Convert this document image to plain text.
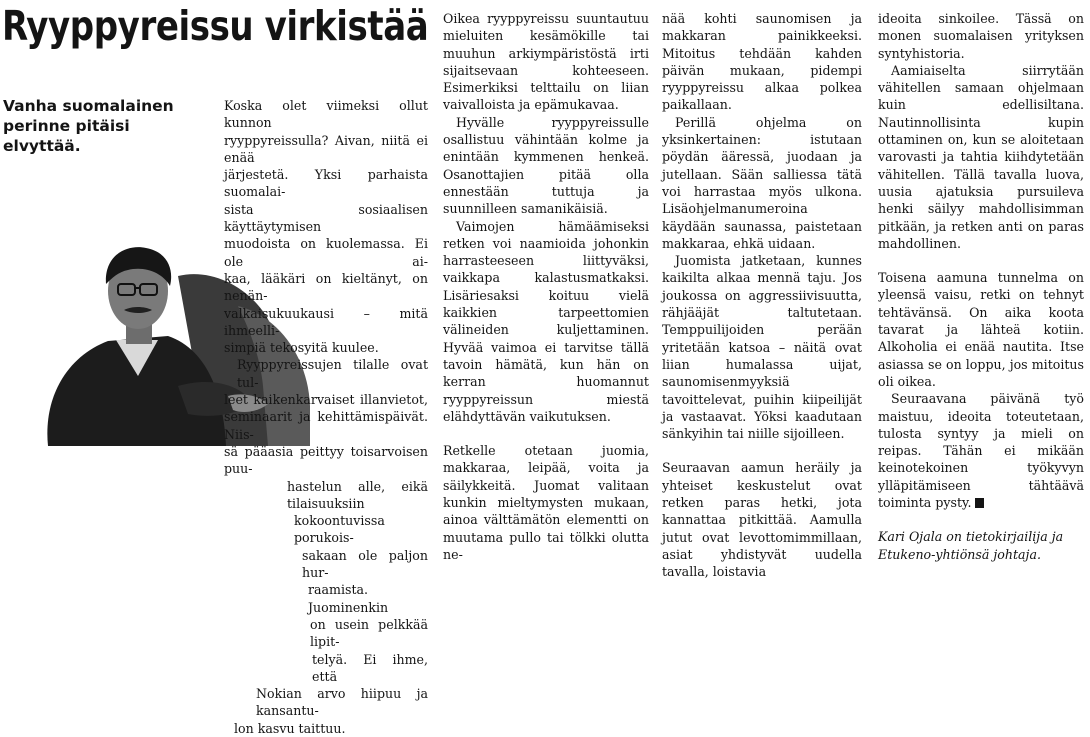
Ryyppyreissu virkistää
Vanha suomalainen perinne pitäisi elvyttää.
Koska olet viimeksi ollut kunnon
ryyppyreissulla? Aivan, niitä ei enää
järjestetä. Yksi parhaista suomalai-
sista sosiaalisen käyttäytymisen
muodoista on kuolemassa. Ei ole ai-
kaa, lääkäri on kieltänyt, on nenän-
valkaisukuukausi – mitä ihmeelli-
simpiä tekosyitä kuulee.
Ryyppyreissujen tilalle ovat tul-
leet kaikenkarvaiset illanvietot,
seminaarit ja kehittämispäivät. Niis-
sä pääasia peittyy toisarvoisen puu-
hastelun alle, eikä tilaisuuksiin
kokoontuvissa porukois-
sakaan ole paljon hur-
raamista. Juominenkin
on usein pelkkää lipit-
telyä. Ei ihme, että
Nokian arvo hiipuu ja kansantu-
lon kasvu taittuu.

Oikea ryyppyreissu suuntautuu mieluiten kesämökille tai muuhun arkiympäristöstä irti sijaitsevaan kohteeseen. Esimerkiksi telttailu on liian vaivalloista ja epämukavaa.

Hyvälle ryyppyreissulle osallistuu vähintään kolme ja enintään kymmenen henkeä. Osanottajien pitää olla ennestään tuttuja ja suunnilleen samanikäisiä.

Vaimojen hämäämiseksi retken voi naamioida johonkin harrasteeseen liittyväksi, vaikkapa kalastusmatkaksi. Lisäriesaksi koituu vielä kaikkien tarpeettomien välineiden kuljettaminen. Hyvää vaimoa ei tarvitse tällä tavoin hämätä, kun hän on kerran huomannut ryyppyreissun miestä elähdyttävän vaikutuksen.

Retkelle otetaan juomia, makkaraa, leipää, voita ja säilykkeitä. Juomat valitaan kunkin mieltymysten mukaan, ainoa välttämätön elementti on muutama pullo tai tölkki olutta ne-

nää kohti saunomisen ja makkaran painikkeeksi. Mitoitus tehdään kahden päivän mukaan, pidempi ryyppyreissu alkaa polkea paikallaan.

Perillä ohjelma on yksinkertainen: istutaan pöydän ääressä, juodaan ja jutellaan. Sään salliessa tätä voi harrastaa myös ulkona. Lisäohjelmanumeroina käydään saunassa, paistetaan makkaraa, ehkä uidaan.

Juomista jatketaan, kunnes kaikilta alkaa mennä taju. Jos joukossa on aggressiivisuutta, rähjääjät taltutetaan. Temppuilijoiden perään yritetään katsoa – näitä ovat liian humalassa uijat, saunomisenmyyksiä tavoittelevat, puihin kiipeilijät ja vastaavat. Yöksi kaadutaan sänkyihin tai niille sijoilleen.

Seuraavan aamun heräily ja yhteiset keskustelut ovat retken paras hetki, jota kannattaa pitkittää. Aamulla jutut ovat levottomimmillaan, asiat yhdistyvät uudella tavalla, loistavia

ideoita sinkoilee. Tässä on monen suomalaisen yrityksen syntyhistoria.

Aamiaiselta siirrytään vähitellen samaan ohjelmaan kuin edellisiltana. Nautinnollisinta kupin ottaminen on, kun se aloitetaan varovasti ja tahtia kiihdytetään vähitellen. Tällä tavalla luova, uusia ajatuksia pursuileva henki säilyy mahdollisimman pitkään, ja retken anti on paras mahdollinen.

Toisena aamuna tunnelma on yleensä vaisu, retki on tehnyt tehtävänsä. On aika koota tavarat ja lähteä kotiin. Alkoholia ei enää nautita. Itse asiassa se on loppu, jos mitoitus oli oikea.

Seuraavana päivänä työ maistuu, ideoita toteutetaan, tulosta syntyy ja mieli on reipas. Tähän ei mikään keinotekoinen työkyvyn ylläpitämiseen tähtäävä toiminta pysty.

Kari Ojala on tietokirjailija ja Etukeno-yhtiönsä johtaja.
